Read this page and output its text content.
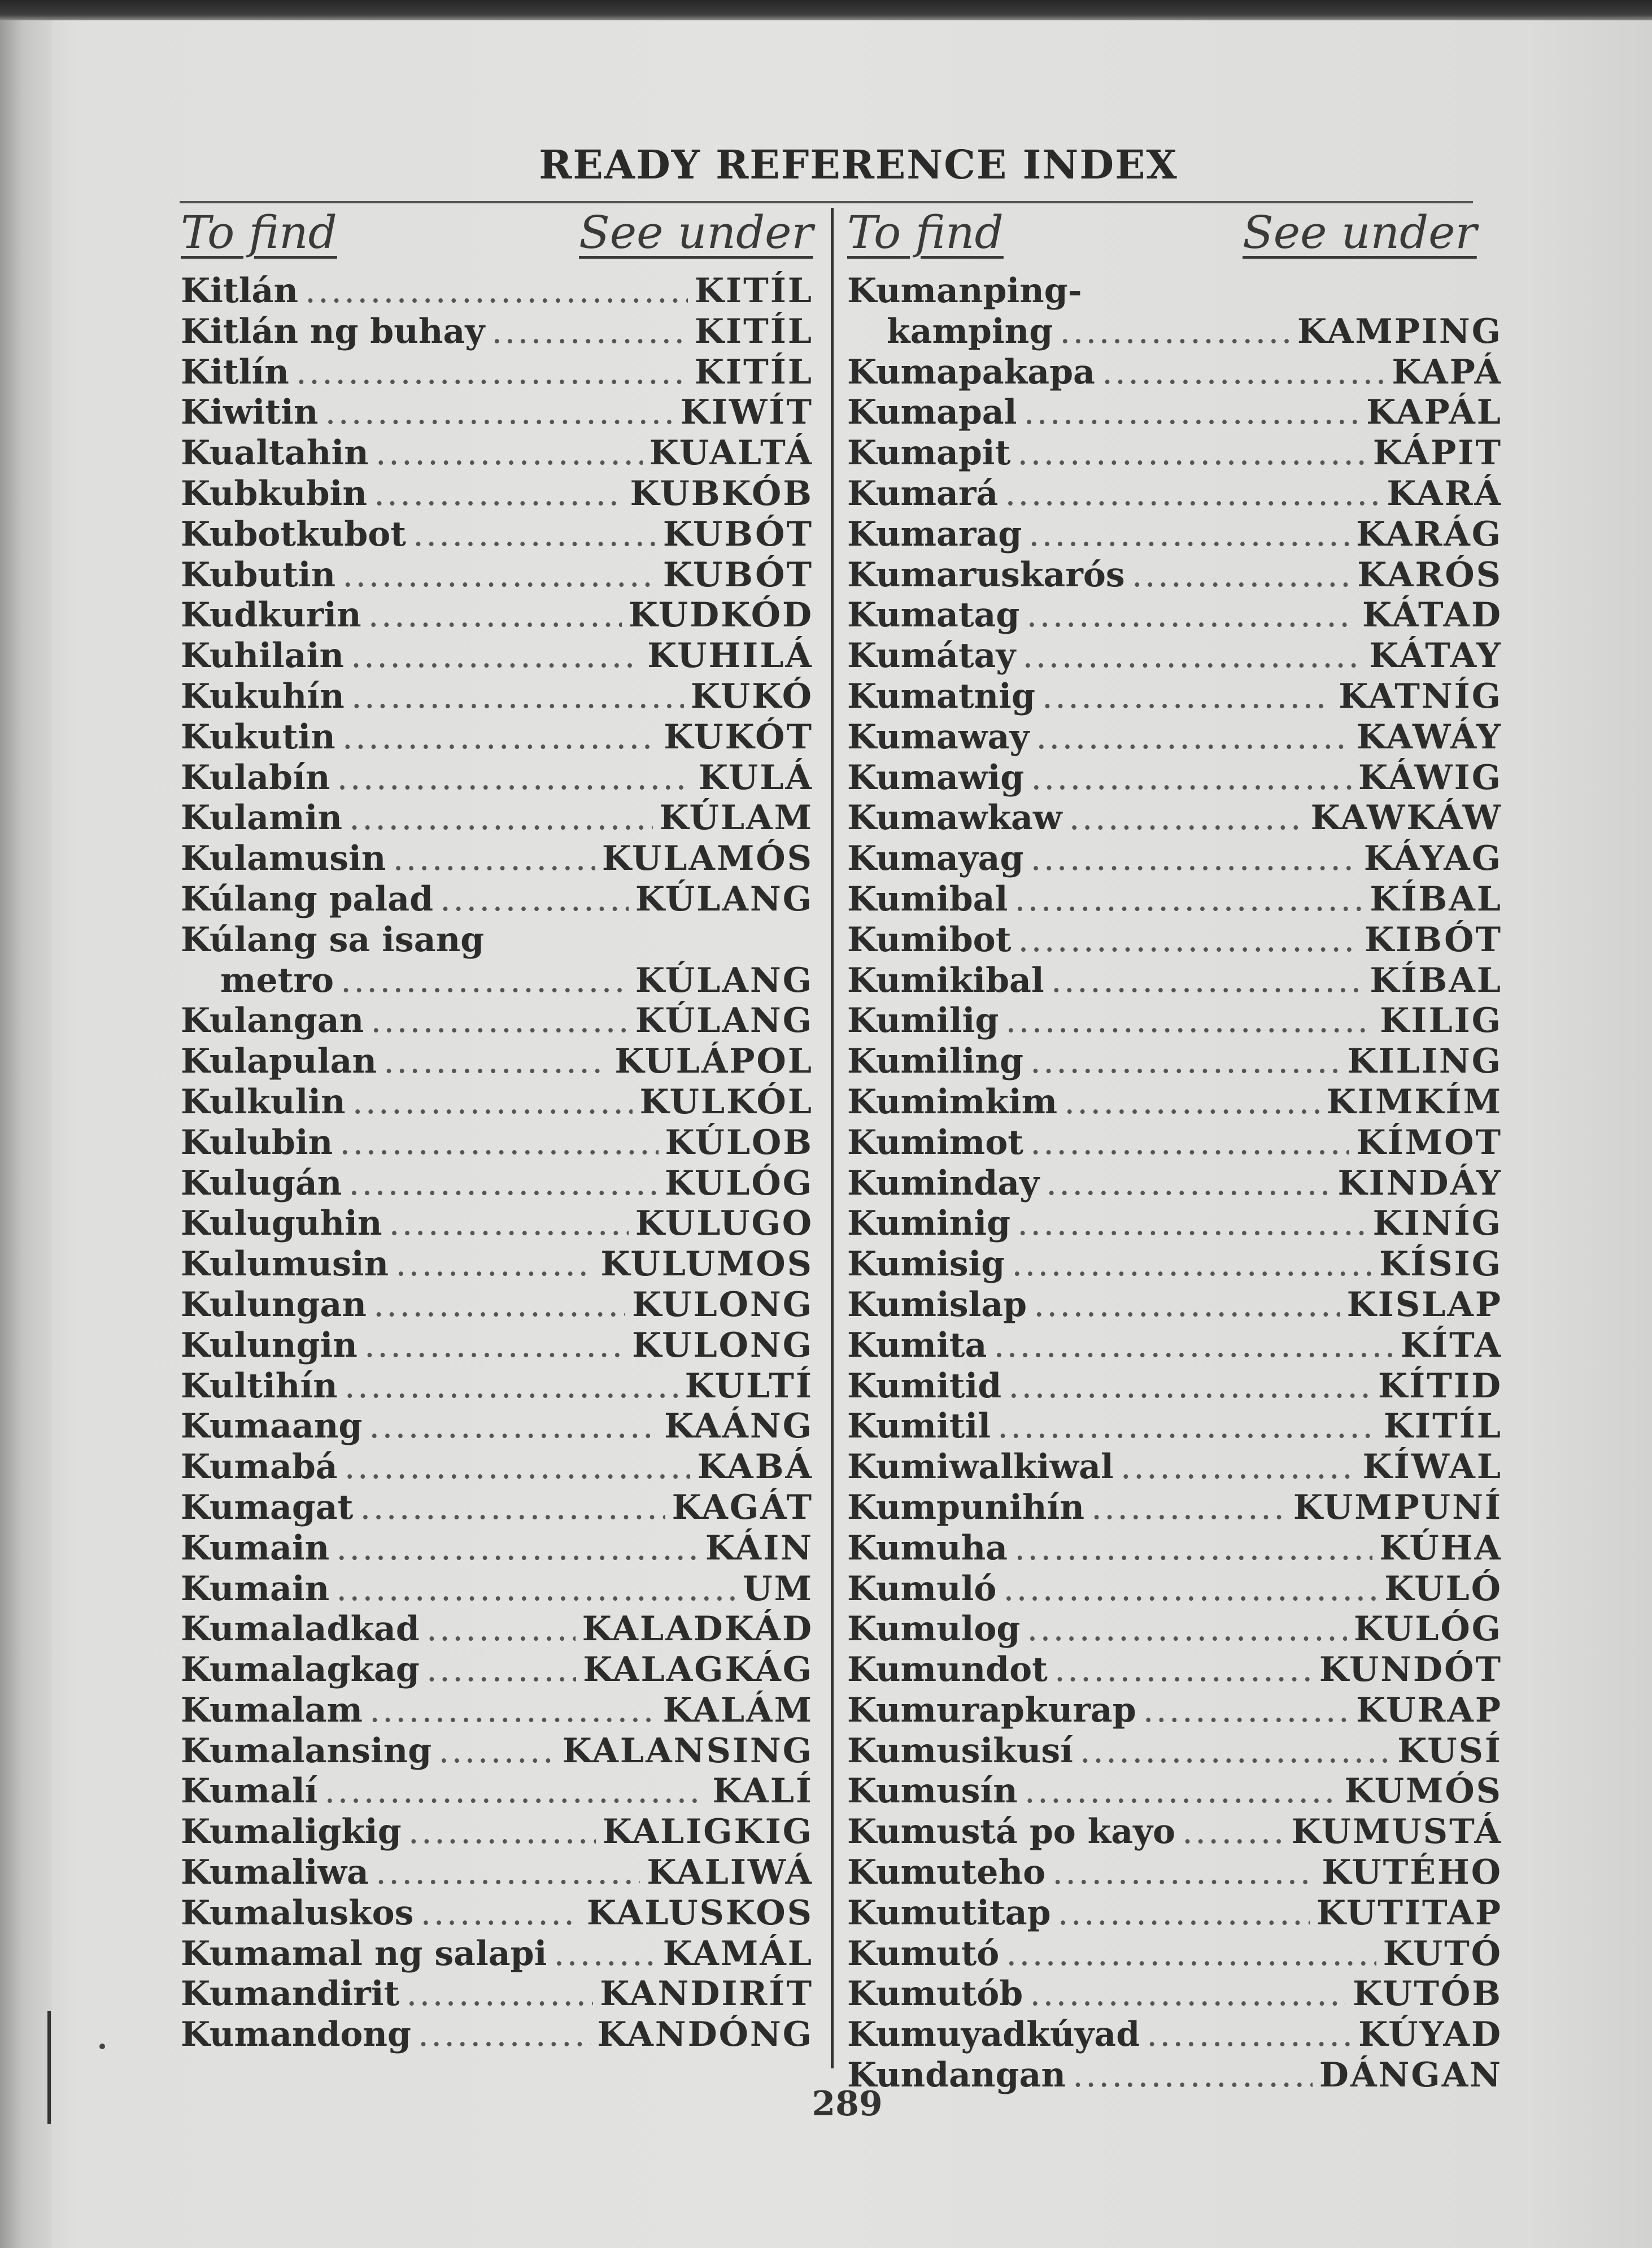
READY REFERENCE INDEX
To find	See under To find	See under
Kitlán .....	KITÍL
Kitlán ng buhay .....	KITÍL
Kitlín .....	KITÍL
Kiwitin .....	KIWÍT
Kualtahin .....	KUALTÁ
Kubkubin .....	KUBKÓB
Kubotkubot .....	KUBÓT
Kubutin .....	KUBÓT
Kudkurin .....	KUDKÓD
Kuhilain .....	KUHILÁ
Kukuhín .....	KUKÓ
Kukutin .....	KUKÓT
Kulabín .....	KULÁ
Kulamin .....	KÚLAM
Kulamusin .....	KULAMÓS
Kúlang palad .....	KÚLANG
Kúlang sa isang
metro .....	KÚLANG
Kulangan .....	KÚLANG
Kulapulan .....	KULÁPOL
Kulkulin .....	KULKÓL
Kulubin .....	KÚLOB
Kulugán .....	KULÓG
Kuluguhin .....	KULUGO
Kulumusin .....	KULUMOS
Kulungan .....	KULONG
Kulungin .....	KULONG
Kultihín .....	KULTÍ
Kumaang .....	KAÁNG
Kumabá .....	KABÁ
Kumagat .....	KAGÁT
Kumain .....	KÁIN
Kumain .....	UM
Kumaladkad .....	KALADKÁD
Kumalagkag .....	KALAGKÁG
Kumalam .....	KALÁM
Kumalansing .....	KALANSING
Kumalí .....	KALÍ
Kumaligkig .....	KALIGKIG
Kumaliwa .....	KALIWÁ
Kumaluskos .....	KALUSKOS
Kumamal ng salapi .....	KAMÁL
Kumandirit .....	KANDIRÍT
Kumandong .....	KANDÓNG
Kumanping-
kamping .....	KAMPING
Kumapakapa .....	KAPÁ
Kumapal .....	KAPÁL
Kumapit .....	KÁPIT
Kumará .....	KARÁ
Kumarag .....	KARÁG
Kumaruskarós .....	KARÓS
Kumatag .....	KÁTAD
Kumátay .....	KÁTAY
Kumatnig .....	KATNÍG
Kumaway .....	KAWÁY
Kumawig .....	KÁWIG
Kumawkaw .....	KAWKÁW
Kumayag .....	KÁYAG
Kumibal .....	KÍBAL
Kumibot .....	KIBÓT
Kumikibal .....	KÍBAL
Kumilig .....	KILIG
Kumiling .....	KILING
Kumimkim .....	KIMKÍM
Kumimot .....	KÍMOT
Kuminday .....	KINDÁY
Kuminig .....	KINÍG
Kumisig .....	KÍSIG
Kumislap .....	KISLAP
Kumita .....	KÍTA
Kumitid .....	KÍTID
Kumitil .....	KITÍL
Kumiwalkiwal .....	KÍWAL
Kumpunihín .....	KUMPUNÍ
Kumuha .....	KÚHA
Kumuló .....	KULÓ
Kumulog .....	KULÓG
Kumundot .....	KUNDÓT
Kumurapkurap .....	KURAP
Kumusikusí .....	KUSÍ
Kumusín .....	KUMÓS
Kumustá po kayo .....	KUMUSTÁ
Kumuteho .....	KUTÉHO
Kumutitap .....	KUTITAP
Kumutó .....	KUTÓ
Kumutób .....	KUTÓB
Kumuyadkúyad .....	KÚYAD
Kundangan .....	DÁNGAN
289
